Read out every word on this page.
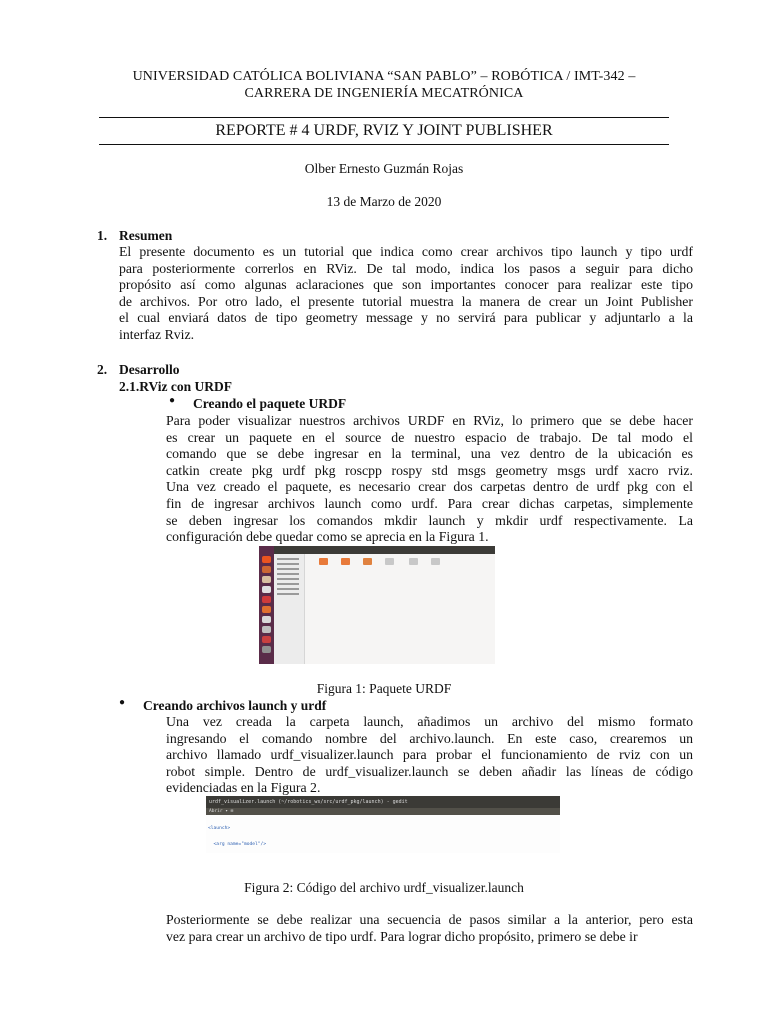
UNIVERSIDAD CATÓLICA BOLIVIANA “SAN PABLO” – ROBÓTICA / IMT-342 –
CARRERA DE INGENIERÍA MECATRÓNICA
REPORTE # 4 URDF, RVIZ Y JOINT PUBLISHER
Olber Ernesto Guzmán Rojas
13 de Marzo de 2020
1. Resumen
El presente documento es un tutorial que indica como crear archivos tipo launch y tipo urdf
para posteriormente correrlos en RViz. De tal modo, indica los pasos a seguir para dicho
propósito así como algunas aclaraciones que son importantes conocer para realizar este tipo
de archivos. Por otro lado, el presente tutorial muestra la manera de crear un Joint Publisher
el cual enviará datos de tipo geometry message y no servirá para publicar y adjuntarlo a la
interfaz Rviz.
2. Desarrollo
2.1.RViz con URDF
● Creando el paquete URDF
Para poder visualizar nuestros archivos URDF en RViz, lo primero que se debe hacer
es crear un paquete en el source de nuestro espacio de trabajo. De tal modo el
comando que se debe ingresar en la terminal, una vez dentro de la ubicación es
catkin create pkg urdf pkg roscpp rospy std msgs geometry msgs urdf xacro rviz.
Una vez creado el paquete, es necesario crear dos carpetas dentro de urdf pkg con el
fin de ingresar archivos launch como urdf. Para crear dichas carpetas, simplemente
se deben ingresar los comandos mkdir launch y mkdir urdf respectivamente. La
configuración debe quedar como se aprecia en la Figura 1.
Figura 1: Paquete URDF
● Creando archivos launch y urdf
Una vez creada la carpeta launch, añadimos un archivo del mismo formato
ingresando el comando nombre del archivo.launch. En este caso, crearemos un
archivo llamado urdf_visualizer.launch para probar el funcionamiento de rviz con un
robot simple. Dentro de urdf_visualizer.launch se deben añadir las líneas de código
evidenciadas en la Figura 2.
urdf_visualizer.launch (~/robotics_ws/src/urdf_pkg/launch) - gedit
Abrir ▾ ⊞

<launch>

<arg name="model"/>

Figura 2: Código del archivo urdf_visualizer.launch
Posteriormente se debe realizar una secuencia de pasos similar a la anterior, pero esta
vez para crear un archivo de tipo urdf. Para lograr dicho propósito, primero se debe ir
